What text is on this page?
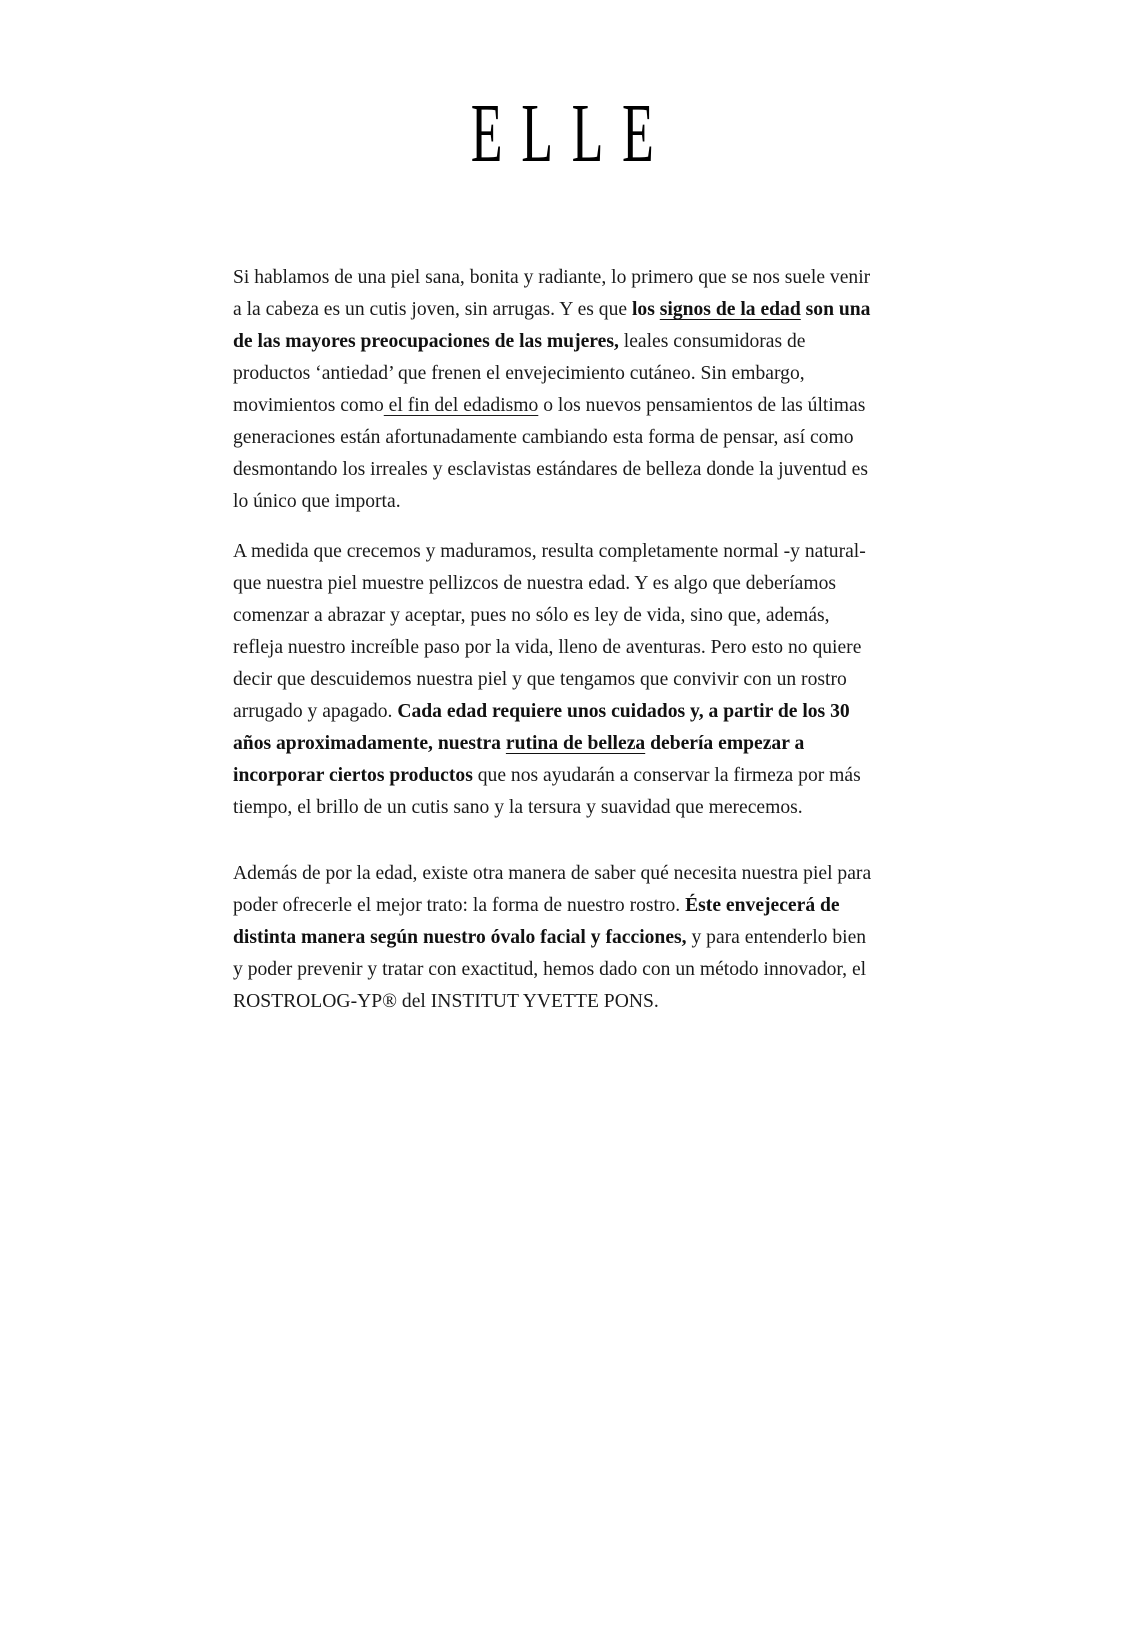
ELLE

Si hablamos de una piel sana, bonita y radiante, lo primero que se nos suele venir a la cabeza es un cutis joven, sin arrugas. Y es que los signos de la edad son una de las mayores preocupaciones de las mujeres, leales consumidoras de productos ‘antiedad’ que frenen el envejecimiento cutáneo. Sin embargo, movimientos como el fin del edadismo o los nuevos pensamientos de las últimas generaciones están afortunadamente cambiando esta forma de pensar, así como desmontando los irreales y esclavistas estándares de belleza donde la juventud es lo único que importa.

A medida que crecemos y maduramos, resulta completamente normal -y natural- que nuestra piel muestre pellizcos de nuestra edad. Y es algo que deberíamos comenzar a abrazar y aceptar, pues no sólo es ley de vida, sino que, además, refleja nuestro increíble paso por la vida, lleno de aventuras. Pero esto no quiere decir que descuidemos nuestra piel y que tengamos que convivir con un rostro arrugado y apagado. Cada edad requiere unos cuidados y, a partir de los 30 años aproximadamente, nuestra rutina de belleza debería empezar a incorporar ciertos productos que nos ayudarán a conservar la firmeza por más tiempo, el brillo de un cutis sano y la tersura y suavidad que merecemos.

Además de por la edad, existe otra manera de saber qué necesita nuestra piel para poder ofrecerle el mejor trato: la forma de nuestro rostro. Éste envejecerá de distinta manera según nuestro óvalo facial y facciones, y para entenderlo bien y poder prevenir y tratar con exactitud, hemos dado con un método innovador, el ROSTROLOG-YP® del INSTITUT YVETTE PONS.
